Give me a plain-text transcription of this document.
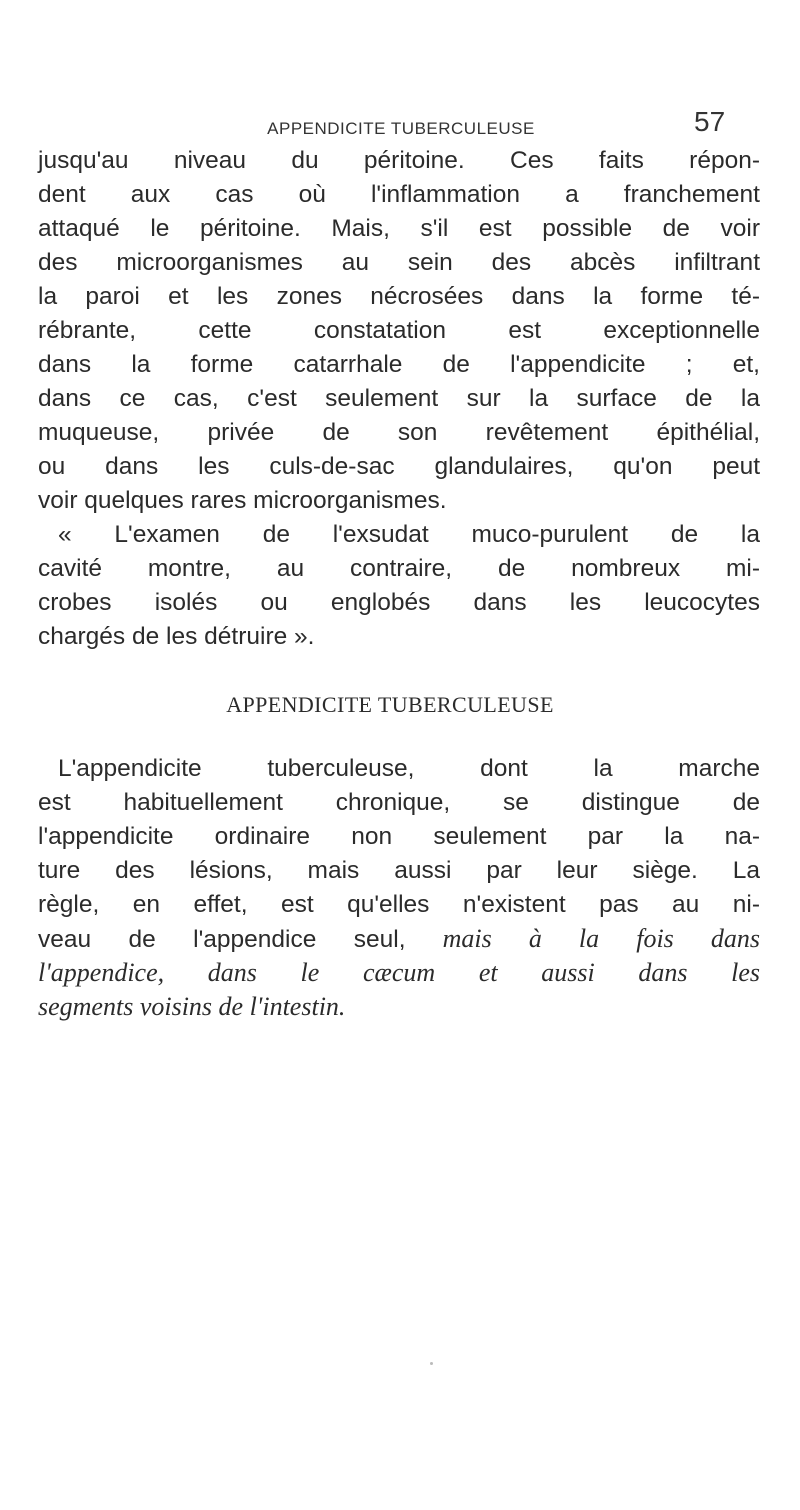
APPENDICITE TUBERCULEUSE	57
jusqu'au niveau du péritoine. Ces faits répon-
dent aux cas où l'inflammation a franchement
attaqué le péritoine. Mais, s'il est possible de voir
des microorganismes au sein des abcès infiltrant
la paroi et les zones nécrosées dans la forme té-
rébrante, cette constatation est exceptionnelle
dans la forme catarrhale de l'appendicite ; et,
dans ce cas, c'est seulement sur la surface de la
muqueuse, privée de son revêtement épithélial,
ou dans les culs-de-sac glandulaires, qu'on peut
voir quelques rares microorganismes.
« L'examen de l'exsudat muco-purulent de la
cavité montre, au contraire, de nombreux mi-
crobes isolés ou englobés dans les leucocytes
chargés de les détruire ».
APPENDICITE TUBERCULEUSE
L'appendicite tuberculeuse, dont la marche
est habituellement chronique, se distingue de
l'appendicite ordinaire non seulement par la na-
ture des lésions, mais aussi par leur siège. La
règle, en effet, est qu'elles n'existent pas au ni-
veau de l'appendice seul, mais à la fois dans
l'appendice, dans le cæcum et aussi dans les
segments voisins de l'intestin.
